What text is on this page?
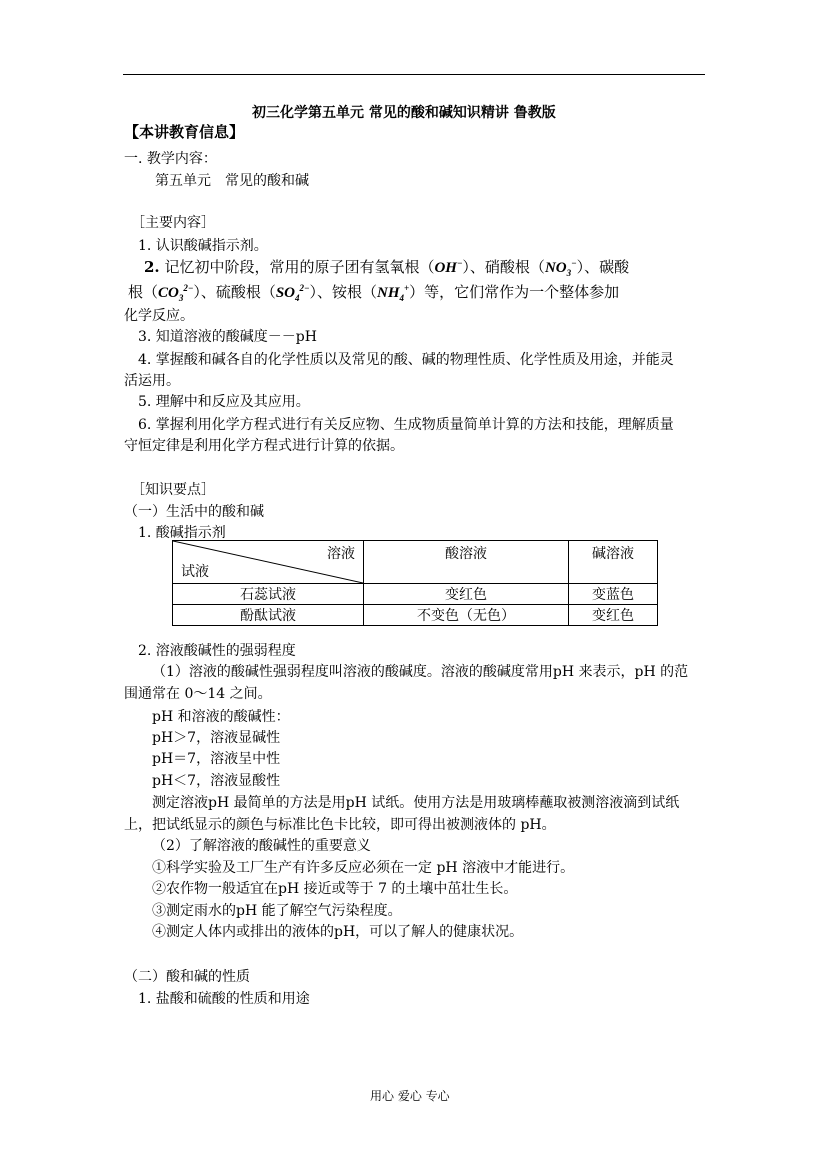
初三化学第五单元 常见的酸和碱知识精讲 鲁教版
【本讲教育信息】
一. 教学内容：
第五单元　常见的酸和碱
［主要内容］
1. 认识酸碱指示剂。
2. 记忆初中阶段，常用的原子团有氢氧根（OH−）、硝酸根$(NO_3^-)$、碳酸
根$(CO_3^{2-})$、硫酸根$(SO_4^{2-})$、铵根$(NH_4^+)$等，它们常作为一个整体参加
化学反应。
3. 知道溶液的酸碱度－－pH
4. 掌握酸和碱各自的化学性质以及常见的酸、碱的物理性质、化学性质及用途，并能灵
活运用。
5. 理解中和反应及其应用。
6. 掌握利用化学方程式进行有关反应物、生成物质量简单计算的方法和技能，理解质量
守恒定律是利用化学方程式进行计算的依据。
［知识要点］
（一）生活中的酸和碱
1. 酸碱指示剂
溶液
试液	酸溶液	碱溶液
石蕊试液	变红色	变蓝色
酚酞试液	不变色（无色）	变红色
2. 溶液酸碱性的强弱程度
（1）溶液的酸碱性强弱程度叫溶液的酸碱度。溶液的酸碱度常用pH 来表示，pH 的范
围通常在 0～14 之间。
pH 和溶液的酸碱性：
pH＞7，溶液显碱性
pH＝7，溶液呈中性
pH＜7，溶液显酸性
测定溶液pH 最简单的方法是用pH 试纸。使用方法是用玻璃棒蘸取被测溶液滴到试纸
上，把试纸显示的颜色与标准比色卡比较，即可得出被测液体的 pH。
（2）了解溶液的酸碱性的重要意义
①科学实验及工厂生产有许多反应必须在一定 pH 溶液中才能进行。
②农作物一般适宜在pH 接近或等于 7 的土壤中茁壮生长。
③测定雨水的pH 能了解空气污染程度。
④测定人体内或排出的液体的pH，可以了解人的健康状况。
（二）酸和碱的性质
1. 盐酸和硫酸的性质和用途
用心 爱心 专心
